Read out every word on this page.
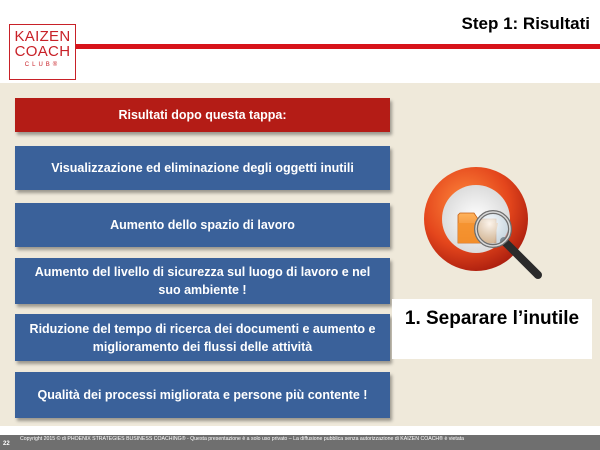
KAIZEN
COACH
CLUB®
Step 1: Risultati
Risultati dopo questa tappa:
Visualizzazione ed eliminazione degli oggetti inutili
Aumento dello spazio di lavoro
Aumento del livello di sicurezza sul luogo di lavoro e nel suo ambiente !
Riduzione del tempo di ricerca dei documenti e aumento e miglioramento dei flussi delle attività
Qualità dei processi migliorata e persone più contente !
1. Separare l’inutile
Copyright 2015 © di PHOENIX STRATEGIES BUSINESS COACHING® - Questa presentazione è a solo uso privato – La diffusione pubblica senza autorizzazione di KAIZEN COACH® è vietata
22
